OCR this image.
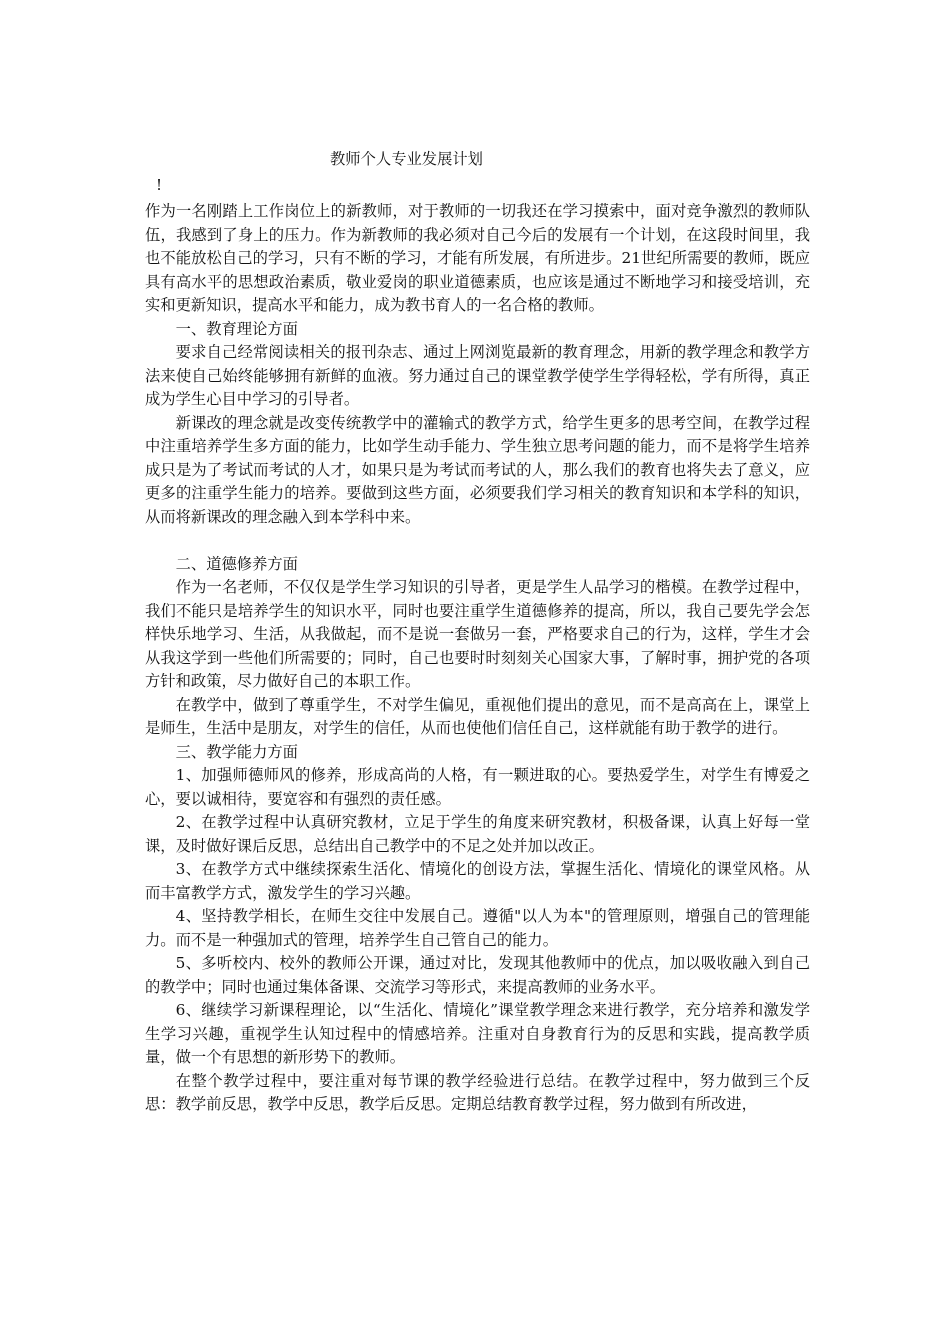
教师个人专业发展计划
!

作为一名刚踏上工作岗位上的新教师，对于教师的一切我还在学习摸索中，面对竞争激烈的教师队伍，我感到了身上的压力。作为新教师的我必须对自己今后的发展有一个计划，在这段时间里，我也不能放松自己的学习，只有不断的学习，才能有所发展，有所进步。21世纪所需要的教师，既应具有高水平的思想政治素质，敬业爱岗的职业道德素质，也应该是通过不断地学习和接受培训，充实和更新知识，提高水平和能力，成为教书育人的一名合格的教师。

一、教育理论方面

要求自己经常阅读相关的报刊杂志、通过上网浏览最新的教育理念，用新的教学理念和教学方法来使自己始终能够拥有新鲜的血液。努力通过自己的课堂教学使学生学得轻松，学有所得，真正成为学生心目中学习的引导者。

新课改的理念就是改变传统教学中的灌输式的教学方式，给学生更多的思考空间，在教学过程中注重培养学生多方面的能力，比如学生动手能力、学生独立思考问题的能力，而不是将学生培养成只是为了考试而考试的人才，如果只是为考试而考试的人，那么我们的教育也将失去了意义，应更多的注重学生能力的培养。要做到这些方面，必须要我们学习相关的教育知识和本学科的知识，从而将新课改的理念融入到本学科中来。

二、道德修养方面

作为一名老师，不仅仅是学生学习知识的引导者，更是学生人品学习的楷模。在教学过程中，我们不能只是培养学生的知识水平，同时也要注重学生道德修养的提高，所以，我自己要先学会怎样快乐地学习、生活，从我做起，而不是说一套做另一套，严格要求自己的行为，这样，学生才会从我这学到一些他们所需要的；同时，自己也要时时刻刻关心国家大事，了解时事，拥护党的各项方针和政策，尽力做好自己的本职工作。

在教学中，做到了尊重学生，不对学生偏见，重视他们提出的意见，而不是高高在上，课堂上是师生，生活中是朋友，对学生的信任，从而也使他们信任自己，这样就能有助于教学的进行。

三、教学能力方面

1、加强师德师风的修养，形成高尚的人格，有一颗进取的心。要热爱学生，对学生有博爱之心，要以诚相待，要宽容和有强烈的责任感。

2、在教学过程中认真研究教材，立足于学生的角度来研究教材，积极备课，认真上好每一堂课，及时做好课后反思，总结出自己教学中的不足之处并加以改正。

3、在教学方式中继续探索生活化、情境化的创设方法，掌握生活化、情境化的课堂风格。从而丰富教学方式，激发学生的学习兴趣。

4、坚持教学相长，在师生交往中发展自己。遵循"以人为本"的管理原则，增强自己的管理能力。而不是一种强加式的管理，培养学生自己管自己的能力。

5、多听校内、校外的教师公开课，通过对比，发现其他教师中的优点，加以吸收融入到自己的教学中；同时也通过集体备课、交流学习等形式，来提高教师的业务水平。

6、继续学习新课程理论，以“生活化、情境化”课堂教学理念来进行教学，充分培养和激发学生学习兴趣，重视学生认知过程中的情感培养。注重对自身教育行为的反思和实践，提高教学质量，做一个有思想的新形势下的教师。

在整个教学过程中，要注重对每节课的教学经验进行总结。在教学过程中，努力做到三个反思：教学前反思，教学中反思，教学后反思。定期总结教育教学过程，努力做到有所改进，
